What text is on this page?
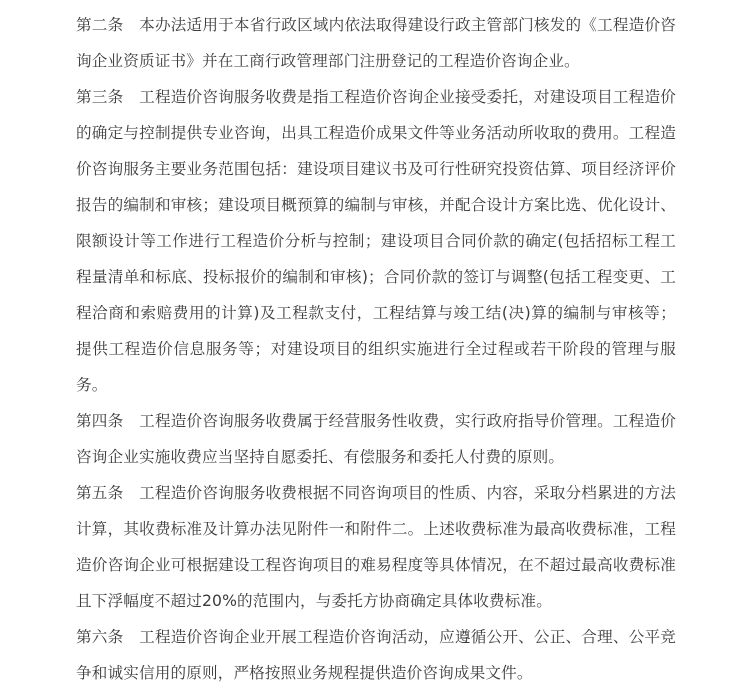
第二条　本办法适用于本省行政区域内依法取得建设行政主管部门核发的《工程造价咨询企业资质证书》并在工商行政管理部门注册登记的工程造价咨询企业。

第三条　工程造价咨询服务收费是指工程造价咨询企业接受委托，对建设项目工程造价的确定与控制提供专业咨询，出具工程造价成果文件等业务活动所收取的费用。工程造价咨询服务主要业务范围包括：建设项目建议书及可行性研究投资估算、项目经济评价报告的编制和审核；建设项目概预算的编制与审核，并配合设计方案比选、优化设计、限额设计等工作进行工程造价分析与控制；建设项目合同价款的确定(包括招标工程工程量清单和标底、投标报价的编制和审核)；合同价款的签订与调整(包括工程变更、工程洽商和索赔费用的计算)及工程款支付，工程结算与竣工结(决)算的编制与审核等；提供工程造价信息服务等；对建设项目的组织实施进行全过程或若干阶段的管理与服务。

第四条　工程造价咨询服务收费属于经营服务性收费，实行政府指导价管理。工程造价咨询企业实施收费应当坚持自愿委托、有偿服务和委托人付费的原则。

第五条　工程造价咨询服务收费根据不同咨询项目的性质、内容，采取分档累进的方法计算，其收费标准及计算办法见附件一和附件二。上述收费标准为最高收费标准，工程造价咨询企业可根据建设工程咨询项目的难易程度等具体情况，在不超过最高收费标准且下浮幅度不超过20%的范围内，与委托方协商确定具体收费标准。

第六条　工程造价咨询企业开展工程造价咨询活动，应遵循公开、公正、合理、公平竞争和诚实信用的原则，严格按照业务规程提供造价咨询成果文件。
